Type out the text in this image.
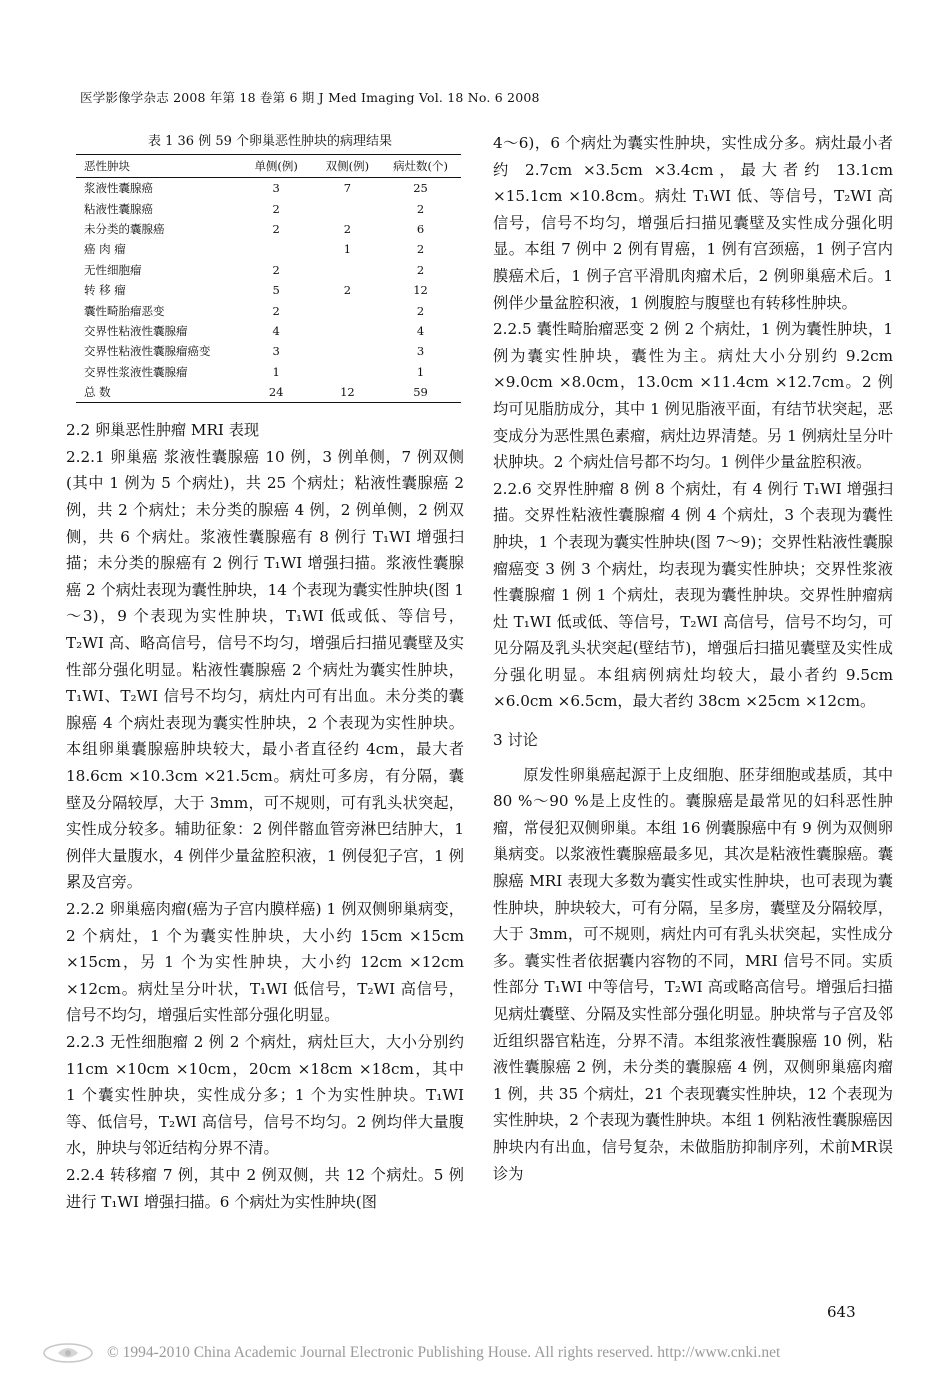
医学影像学杂志 2008 年第 18 卷第 6 期 J Med Imaging Vol. 18 No. 6 2008

表 1 36 例 59 个卵巢恶性肿块的病理结果

恶性肿块	单侧(例)	双侧(例)	病灶数(个)
浆液性囊腺癌	3	7	25
粘液性囊腺癌	2		2
未分类的囊腺癌	2	2	6
癌 肉 瘤		1	2
无性细胞瘤	2		2
转 移 瘤	5	2	12
囊性畸胎瘤恶变	2		2
交界性粘液性囊腺瘤	4		4
交界性粘液性囊腺瘤癌变	3		3
交界性浆液性囊腺瘤	1		1
总 数	24	12	59

2.2 卵巢恶性肿瘤 MRI 表现

2.2.1 卵巢癌 浆液性囊腺癌 10 例，3 例单侧，7 例双侧(其中 1 例为 5 个病灶)，共 25 个病灶；粘液性囊腺癌 2 例，共 2 个病灶；未分类的腺癌 4 例，2 例单侧，2 例双侧，共 6 个病灶。浆液性囊腺癌有 8 例行 T₁WI 增强扫描；未分类的腺癌有 2 例行 T₁WI 增强扫描。浆液性囊腺癌 2 个病灶表现为囊性肿块，14 个表现为囊实性肿块(图 1～3)，9 个表现为实性肿块，T₁WI 低或低、等信号，T₂WI 高、略高信号，信号不均匀，增强后扫描见囊壁及实性部分强化明显。粘液性囊腺癌 2 个病灶为囊实性肿块，T₁WI、T₂WI 信号不均匀，病灶内可有出血。未分类的囊腺癌 4 个病灶表现为囊实性肿块，2 个表现为实性肿块。本组卵巢囊腺癌肿块较大，最小者直径约 4cm，最大者 18.6cm ×10.3cm ×21.5cm。病灶可多房，有分隔，囊壁及分隔较厚，大于 3mm，可不规则，可有乳头状突起，实性成分较多。辅助征象：2 例伴髂血管旁淋巴结肿大，1 例伴大量腹水，4 例伴少量盆腔积液，1 例侵犯子宫，1 例累及宫旁。

2.2.2 卵巢癌肉瘤(癌为子宫内膜样癌) 1 例双侧卵巢病变，2 个病灶，1 个为囊实性肿块，大小约 15cm ×15cm ×15cm，另 1 个为实性肿块，大小约 12cm ×12cm ×12cm。病灶呈分叶状，T₁WI 低信号，T₂WI 高信号，信号不均匀，增强后实性部分强化明显。

2.2.3 无性细胞瘤 2 例 2 个病灶，病灶巨大，大小分别约 11cm ×10cm ×10cm，20cm ×18cm ×18cm，其中 1 个囊实性肿块，实性成分多；1 个为实性肿块。T₁WI 等、低信号，T₂WI 高信号，信号不均匀。2 例均伴大量腹水，肿块与邻近结构分界不清。

2.2.4 转移瘤 7 例，其中 2 例双侧，共 12 个病灶。5 例进行 T₁WI 增强扫描。6 个病灶为实性肿块(图

4～6)，6 个病灶为囊实性肿块，实性成分多。病灶最小者约 2.7cm ×3.5cm ×3.4cm，最大者约 13.1cm ×15.1cm ×10.8cm。病灶 T₁WI 低、等信号，T₂WI 高信号，信号不均匀，增强后扫描见囊壁及实性成分强化明显。本组 7 例中 2 例有胃癌，1 例有宫颈癌，1 例子宫内膜癌术后，1 例子宫平滑肌肉瘤术后，2 例卵巢癌术后。1 例伴少量盆腔积液，1 例腹腔与腹壁也有转移性肿块。

2.2.5 囊性畸胎瘤恶变 2 例 2 个病灶，1 例为囊性肿块，1 例为囊实性肿块，囊性为主。病灶大小分别约 9.2cm ×9.0cm ×8.0cm，13.0cm ×11.4cm ×12.7cm。2 例均可见脂肪成分，其中 1 例见脂液平面，有结节状突起，恶变成分为恶性黑色素瘤，病灶边界清楚。另 1 例病灶呈分叶状肿块。2 个病灶信号都不均匀。1 例伴少量盆腔积液。

2.2.6 交界性肿瘤 8 例 8 个病灶，有 4 例行 T₁WI 增强扫描。交界性粘液性囊腺瘤 4 例 4 个病灶，3 个表现为囊性肿块，1 个表现为囊实性肿块(图 7～9)；交界性粘液性囊腺瘤癌变 3 例 3 个病灶，均表现为囊实性肿块；交界性浆液性囊腺瘤 1 例 1 个病灶，表现为囊性肿块。交界性肿瘤病灶 T₁WI 低或低、等信号，T₂WI 高信号，信号不均匀，可见分隔及乳头状突起(壁结节)，增强后扫描见囊壁及实性成分强化明显。本组病例病灶均较大，最小者约 9.5cm ×6.0cm ×6.5cm，最大者约 38cm ×25cm ×12cm。

3 讨论

原发性卵巢癌起源于上皮细胞、胚芽细胞或基质，其中 80 %～90 %是上皮性的。囊腺癌是最常见的妇科恶性肿瘤，常侵犯双侧卵巢。本组 16 例囊腺癌中有 9 例为双侧卵巢病变。以浆液性囊腺癌最多见，其次是粘液性囊腺癌。囊腺癌 MRI 表现大多数为囊实性或实性肿块，也可表现为囊性肿块，肿块较大，可有分隔，呈多房，囊壁及分隔较厚，大于 3mm，可不规则，病灶内可有乳头状突起，实性成分多。囊实性者依据囊内容物的不同，MRI 信号不同。实质性部分 T₁WI 中等信号，T₂WI 高或略高信号。增强后扫描见病灶囊壁、分隔及实性部分强化明显。肿块常与子宫及邻近组织器官粘连，分界不清。本组浆液性囊腺癌 10 例，粘液性囊腺癌 2 例，未分类的囊腺癌 4 例，双侧卵巢癌肉瘤 1 例，共 35 个病灶，21 个表现囊实性肿块，12 个表现为实性肿块，2 个表现为囊性肿块。本组 1 例粘液性囊腺癌因肿块内有出血，信号复杂，未做脂肪抑制序列，术前MR误诊为

643
© 1994-2010 China Academic Journal Electronic Publishing House. All rights reserved. http://www.cnki.net
